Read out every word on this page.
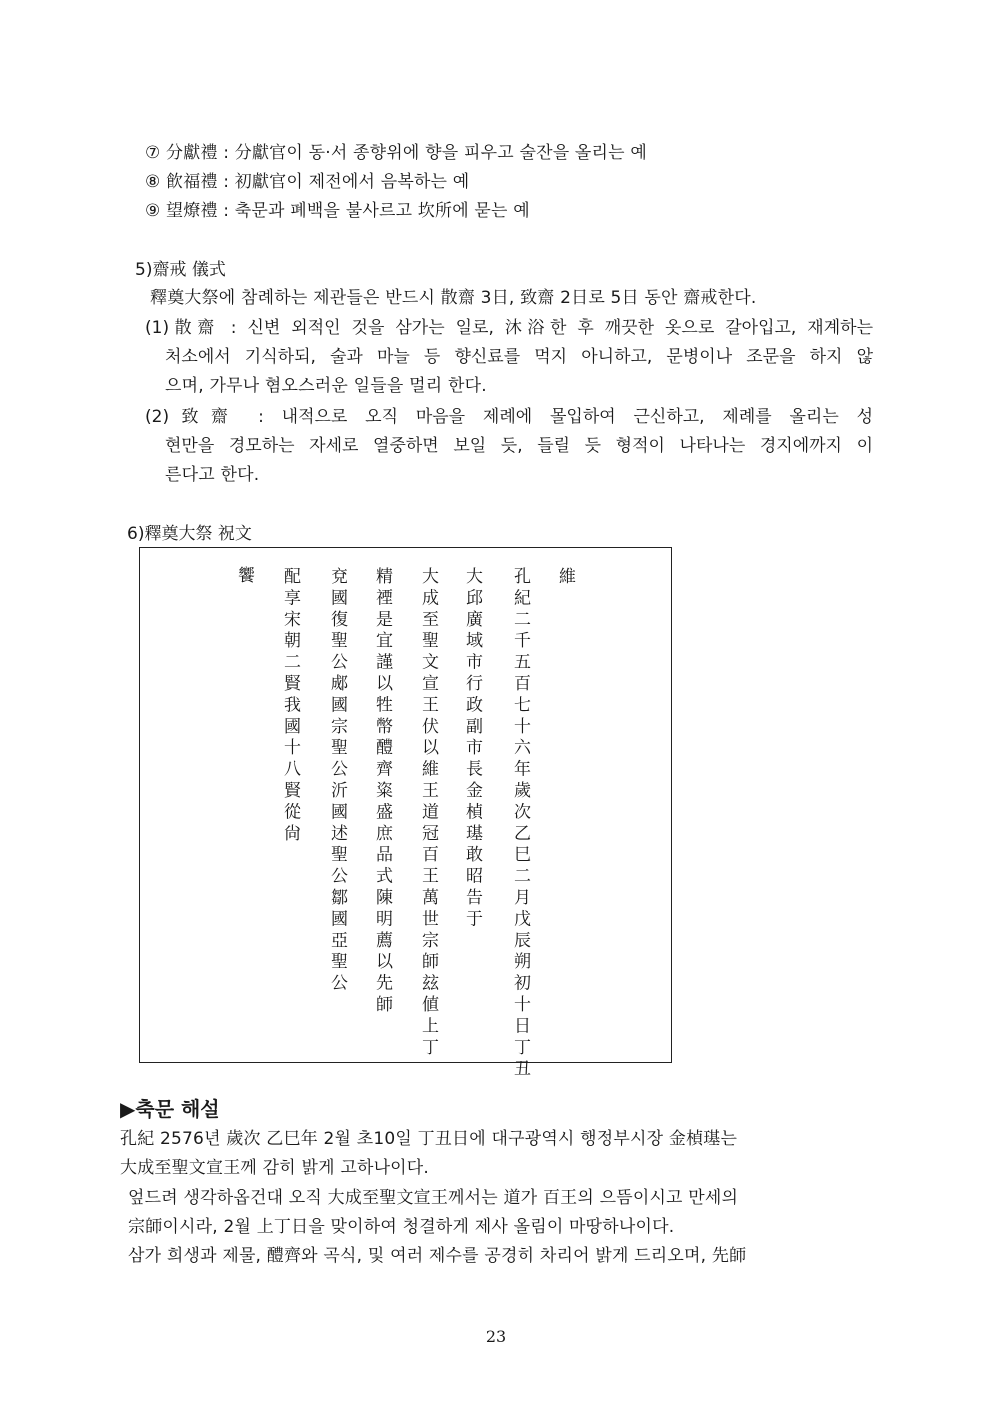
⑦ 分獻禮 : 分獻官이 동·서 종향위에 향을 피우고 술잔을 올리는 예
⑧ 飮福禮 : 初獻官이 제전에서 음복하는 예
⑨ 望燎禮 : 축문과 폐백을 불사르고 坎所에 묻는 예
5)齋戒 儀式
釋奠大祭에 참례하는 제관들은 반드시 散齋 3日, 致齋 2日로 5日 동안 齋戒한다.
(1)散齋 : 신변 외적인 것을 삼가는 일로, 沐浴한 후 깨끗한 옷으로 갈아입고, 재계하는
처소에서 기식하되, 술과 마늘 등 향신료를 먹지 아니하고, 문병이나 조문을 하지 않
으며, 가무나 혐오스러운 일들을 멀리 한다.
(2)致齋 : 내적으로 오직 마음을 제례에 몰입하여 근신하고, 제례를 올리는 성
현만을 경모하는 자세로 열중하면 보일 듯, 들릴 듯 형적이 나타나는 경지에까지 이
른다고 한다.
6)釋奠大祭 祝文
維
孔紀二千五百七十六年歲次乙巳二月戊辰朔初十日丁丑
大邱廣域市行政副市長金楨璂敢昭告于
大成至聖文宣王伏以維王道冠百王萬世宗師玆値上丁
精禋是宜謹以牲幣醴齊粢盛庶品式陳明薦以先師
兗國復聖公郕國宗聖公沂國述聖公鄒國亞聖公
配享宋朝二賢我國十八賢從尙
饗
▶축문 해설
孔紀 2576년 歲次 乙巳年 2월 초10일 丁丑日에 대구광역시 행정부시장 金楨璂는
大成至聖文宣王께 감히 밝게 고하나이다.
엎드려 생각하옵건대 오직 大成至聖文宣王께서는 道가 百王의 으뜸이시고 만세의
宗師이시라, 2월 上丁日을 맞이하여 청결하게 제사 올림이 마땅하나이다.
삼가 희생과 제물, 醴齊와 곡식, 및 여러 제수를 공경히 차리어 밝게 드리오며, 先師
23
